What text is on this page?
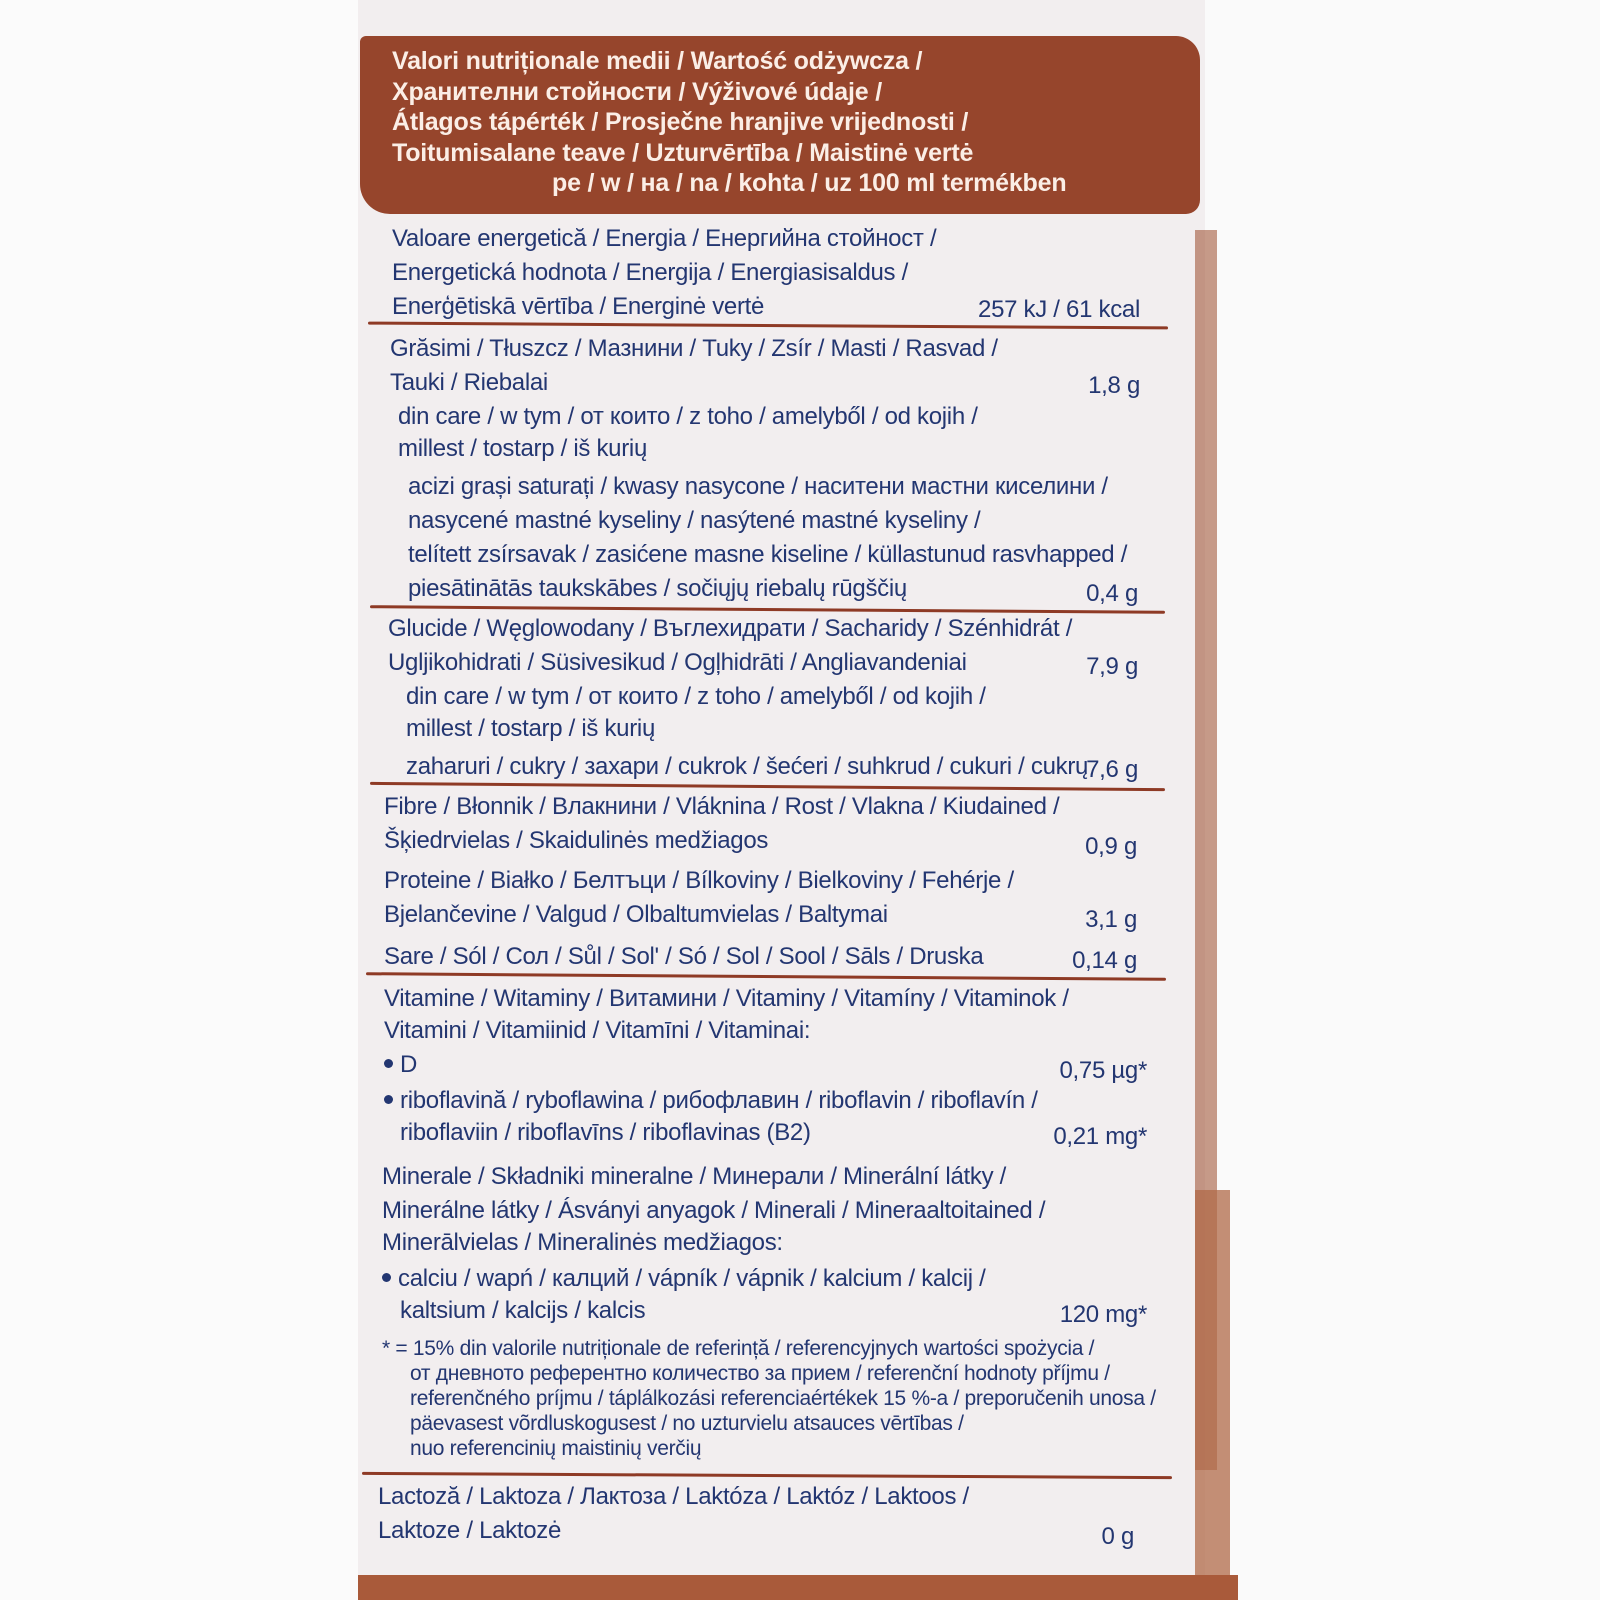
Valori nutriționale medii / Wartość odżywcza /
Хранителни стойности / Výživové údaje /
Átlagos tápérték / Prosječne hranjive vrijednosti /
Toitumisalane teave / Uzturvērtība / Maistinė vertė
pe / w / на / na / kohta / uz 100 ml termékben
Valoare energetică / Energia / Енергийна стойност /
Energetická hodnota / Energija / Energiasisaldus /
Enerģētiskā vērtība / Energinė vertė	257 kJ / 61 kcal
Grăsimi / Tłuszcz / Мазнини / Tuky / Zsír / Masti / Rasvad /
Tauki / Riebalai	1,8 g
din care / w tym / от които / z toho / amelyből / od kojih /
millest / tostarp / iš kurių
acizi grași saturați / kwasy nasycone / наситени мастни киселини /
nasycené mastné kyseliny / nasýtené mastné kyseliny /
telített zsírsavak / zasićene masne kiseline / küllastunud rasvhapped /
piesātinātās taukskābes / sočiųjų riebalų rūgščių	0,4 g
Glucide / Węglowodany / Въглехидрати / Sacharidy / Szénhidrát /
Ugljikohidrati / Süsivesikud / Ogļhidrāti / Angliavandeniai	7,9 g
din care / w tym / от които / z toho / amelyből / od kojih /
millest / tostarp / iš kurių
zaharuri / cukry / захари / cukrok / šećeri / suhkrud / cukuri / cukrų
7,6 g
Fibre / Błonnik / Влакнини / Vláknina / Rost / Vlakna / Kiudained /
Šķiedrvielas / Skaidulinės medžiagos	0,9 g
Proteine / Białko / Белтъци / Bílkoviny / Bielkoviny / Fehérje /
Bjelančevine / Valgud / Olbaltumvielas / Baltymai	3,1 g
Sare / Sól / Сол / Sůl / Sol' / Só / Sol / Sool / Sāls / Druska	0,14 g
Vitamine / Witaminy / Витамини / Vitaminy / Vitamíny / Vitaminok /
Vitamini / Vitamiinid / Vitamīni / Vitaminai:
D	0,75 µg*
riboflavină / ryboflawina / рибофлавин / riboflavin / riboflavín /
riboflaviin / riboflavīns / riboflavinas (B2)	0,21 mg*
Minerale / Składniki mineralne / Минерали / Minerální látky /
Minerálne látky / Ásványi anyagok / Minerali / Mineraaltoitained /
Minerālvielas / Mineralinės medžiagos:
calciu / wapń / калций / vápník / vápnik / kalcium / kalcij /
kaltsium / kalcijs / kalcis	120 mg*
* = 15% din valorile nutriționale de referință / referencyjnych wartości spożycia /
от дневното референтно количество за прием / referenční hodnoty příjmu /
referenčného príjmu / táplálkozási referenciaértékek 15 %-a / preporučenih unosa /
päevasest võrdluskogusest / no uzturvielu atsauces vērtības /
nuo referencinių maistinių verčių
Lactoză / Laktoza / Лактоза / Laktóza / Laktóz / Laktoos /
Laktoze / Laktozė	0 g
